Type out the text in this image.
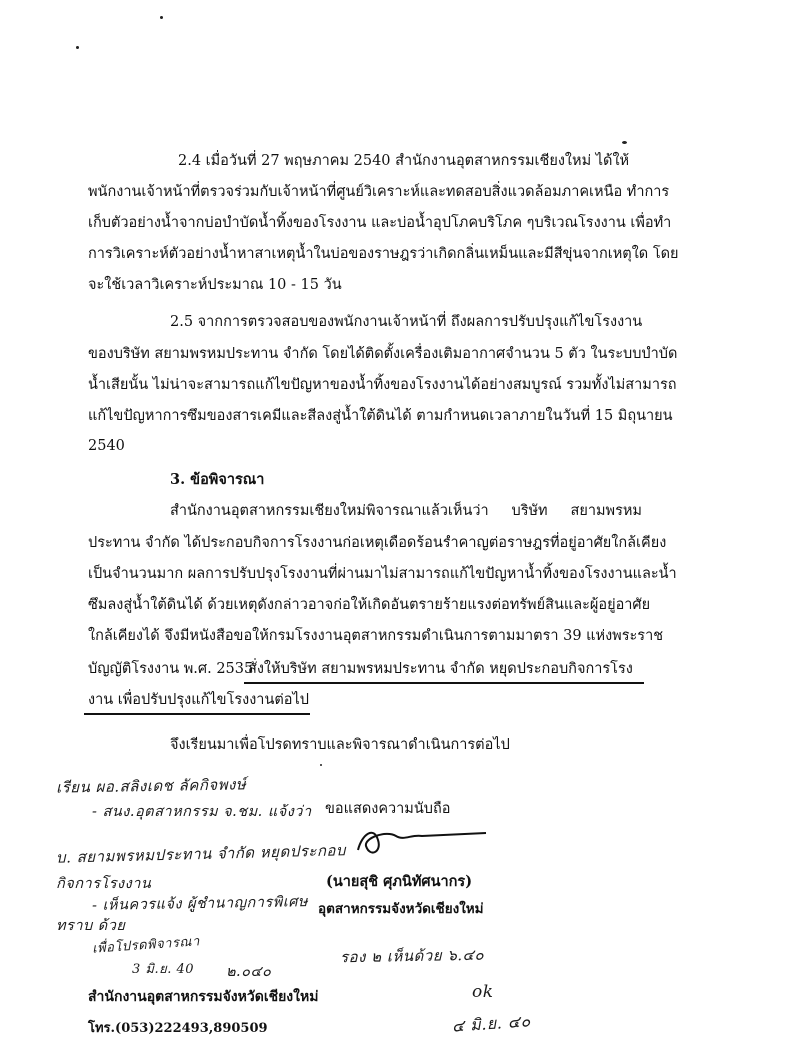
2.4 เมื่อวันที่ 27 พฤษภาคม 2540 สำนักงานอุตสาหกรรมเชียงใหม่ ได้ให้
พนักงานเจ้าหน้าที่ตรวจร่วมกับเจ้าหน้าที่ศูนย์วิเคราะห์และทดสอบสิ่งแวดล้อมภาคเหนือ ทำการ
เก็บตัวอย่างน้ำจากบ่อบำบัดน้ำทิ้งของโรงงาน และบ่อน้ำอุปโภคบริโภค ๆบริเวณโรงงาน เพื่อทำ
การวิเคราะห์ตัวอย่างน้ำหาสาเหตุน้ำในบ่อของราษฎรว่าเกิดกลิ่นเหม็นและมีสีขุ่นจากเหตุใด โดย
จะใช้เวลาวิเคราะห์ประมาณ 10 - 15 วัน
2.5 จากการตรวจสอบของพนักงานเจ้าหน้าที่ ถึงผลการปรับปรุงแก้ไขโรงงาน
ของบริษัท สยามพรหมประทาน จำกัด โดยได้ติดตั้งเครื่องเติมอากาศจำนวน 5 ตัว ในระบบบำบัด
น้ำเสียนั้น ไม่น่าจะสามารถแก้ไขปัญหาของน้ำทิ้งของโรงงานได้อย่างสมบูรณ์ รวมทั้งไม่สามารถ
แก้ไขปัญหาการซึมของสารเคมีและสีลงสู่น้ำใต้ดินได้ ตามกำหนดเวลาภายในวันที่ 15 มิถุนายน
2540
3. ข้อพิจารณา
สำนักงานอุตสาหกรรมเชียงใหม่พิจารณาแล้วเห็นว่า บริษัท สยามพรหม
ประทาน จำกัด ได้ประกอบกิจการโรงงานก่อเหตุเดือดร้อนรำคาญต่อราษฎรที่อยู่อาศัยใกล้เคียง
เป็นจำนวนมาก ผลการปรับปรุงโรงงานที่ผ่านมาไม่สามารถแก้ไขปัญหาน้ำทิ้งของโรงงานและน้ำ
ซึมลงสู่น้ำใต้ดินได้ ด้วยเหตุดังกล่าวอาจก่อให้เกิดอันตรายร้ายแรงต่อทรัพย์สินและผู้อยู่อาศัย
ใกล้เคียงได้ จึงมีหนังสือขอให้กรมโรงงานอุตสาหกรรมดำเนินการตามมาตรา 39 แห่งพระราช
บัญญัติโรงงาน พ.ศ. 2535
สั่งให้บริษัท สยามพรหมประทาน จำกัด หยุดประกอบกิจการโรง
งาน เพื่อปรับปรุงแก้ไขโรงงานต่อไป
จึงเรียนมาเพื่อโปรดทราบและพิจารณาดำเนินการต่อไป
เรียน ผอ.สลิงเดช ลัคกิจพงษ์
- สนง.อุตสาหกรรม จ.ชม. แจ้งว่า
บ. สยามพรหมประทาน จำกัด หยุดประกอบ
กิจการโรงงาน
- เห็นควรแจ้ง ผู้ชำนาญการพิเศษ
ทราบ ด้วย
เพื่อโปรดพิจารณา
3 มิ.ย. 40 ๒.๐๔๐
รอง ๒ เห็นด้วย ๖.๔๐
ok
๔ มิ.ย. ๔๐
ขอแสดงความนับถือ
(นายสุชิ ศุภนิทัศนากร)
อุตสาหกรรมจังหวัดเชียงใหม่
สำนักงานอุตสาหกรรมจังหวัดเชียงใหม่
โทร.(053)222493,890509
